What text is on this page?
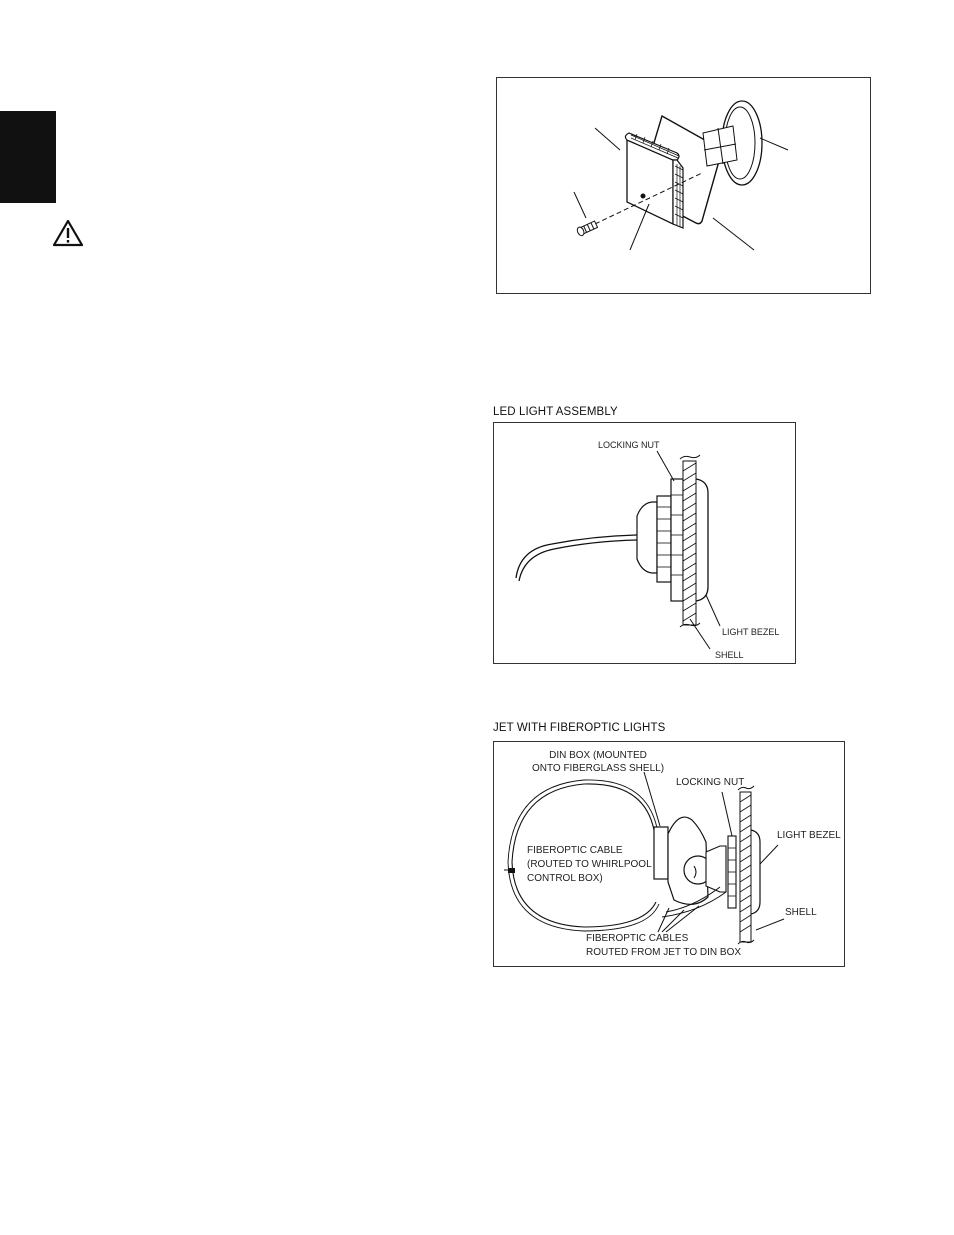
LED LIGHT ASSEMBLY
LOCKING NUT
LIGHT BEZEL
SHELL
JET WITH FIBEROPTIC LIGHTS
DIN BOX (MOUNTED
ONTO FIBERGLASS SHELL)
LOCKING NUT
LIGHT BEZEL
FIBEROPTIC CABLE
(ROUTED TO WHIRLPOOL
CONTROL BOX)
SHELL
FIBEROPTIC CABLES
ROUTED FROM JET TO DIN BOX
